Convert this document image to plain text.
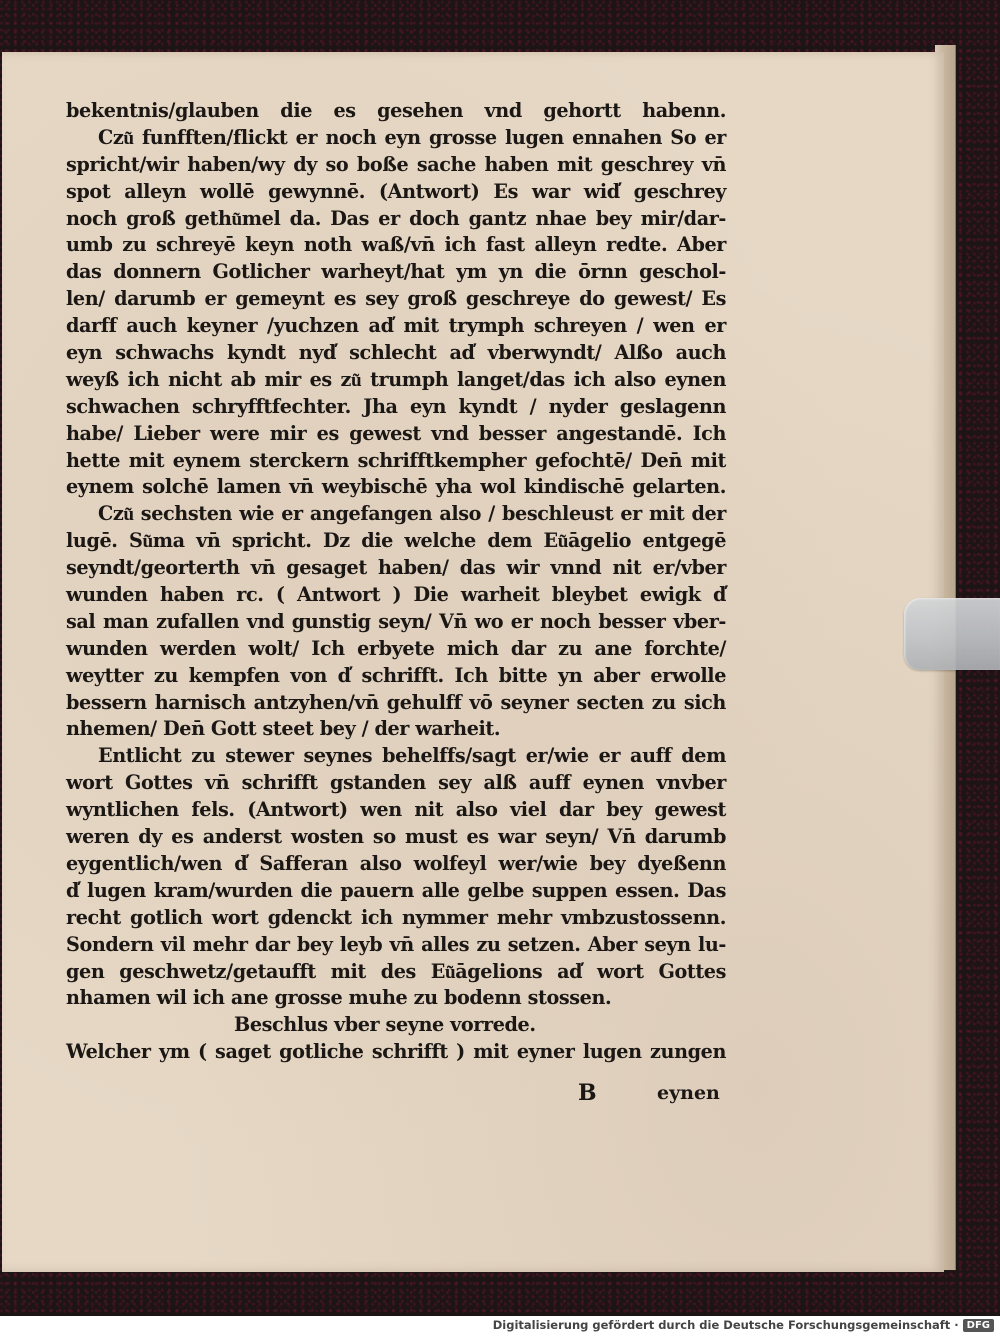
bekentnis/glauben die es gesehen vnd gehortt habenn.
Czu͂ funfften/flickt er noch eyn grosse lugen ennahen So er
spricht/wir haben/wy dy so boße sache haben mit geschrey vn̄
spot alleyn wollē gewynnē. (Antwort) Es war wid̕ geschrey
noch groß gethu͂mel da. Das er doch gantz nhae bey mir/dar-
umb zu schreyē keyn noth waß/vn̄ ich fast alleyn redte. Aber
das donnern Gotlicher warheyt/hat ym yn die ōrnn geschol-
len/ darumb er gemeynt es sey groß geschreye do gewest/ Es
darff auch keyner /yuchzen ad̕ mit trymph schreyen / wen er
eyn schwachs kyndt nyd̕ schlecht ad̕ vberwyndt/ Alßo auch
weyß ich nicht ab mir es zu͂ trumph langet/das ich also eynen
schwachen schryfftfechter. Jha eyn kyndt / nyder geslagenn
habe/ Lieber were mir es gewest vnd besser angestandē. Ich
hette mit eynem sterckern schrifftkempher gefochtē/ Den̄ mit
eynem solchē lamen vn̄ weybischē yha wol kindischē gelarten.
Czu͂ sechsten wie er angefangen also / beschleust er mit der
lugē. Su͂ma vn̄ spricht. Dz die welche dem Eu͂āgelio entgegē
seyndt/georterth vn̄ gesaget haben/ das wir vnnd nit er/vber
wunden haben rc. ( Antwort ) Die warheit bleybet ewigk d̕
sal man zufallen vnd gunstig seyn/ Vn̄ wo er noch besser vber-
wunden werden wolt/ Ich erbyete mich dar zu ane forchte/
weytter zu kempfen von d̕ schrifft. Ich bitte yn aber erwolle
bessern harnisch antzyhen/vn̄ gehulff vō seyner secten zu sich
nhemen/ Den̄ Gott steet bey / der warheit.
Entlicht zu stewer seynes behelffs/sagt er/wie er auff dem
wort Gottes vn̄ schrifft gstanden sey alß auff eynen vnvber
wyntlichen fels. (Antwort) wen nit also viel dar bey gewest
weren dy es anderst wosten so must es war seyn/ Vn̄ darumb
eygentlich/wen d̕ Safferan also wolfeyl wer/wie bey dyeßenn
d̕ lugen kram/wurden die pauern alle gelbe suppen essen. Das
recht gotlich wort gdenckt ich nymmer mehr vmbzustossenn.
Sondern vil mehr dar bey leyb vn̄ alles zu setzen. Aber seyn lu-
gen geschwetz/getaufft mit des Eu͂āgelions ad̕ wort Gottes
nhamen wil ich ane grosse muhe zu bodenn stossen.
Beschlus vber seyne vorrede.
Welcher ym ( saget gotliche schrifft ) mit eyner lugen zungen
B	eynen
Digitalisierung gefördert durch die Deutsche Forschungsgemeinschaft · DFG
